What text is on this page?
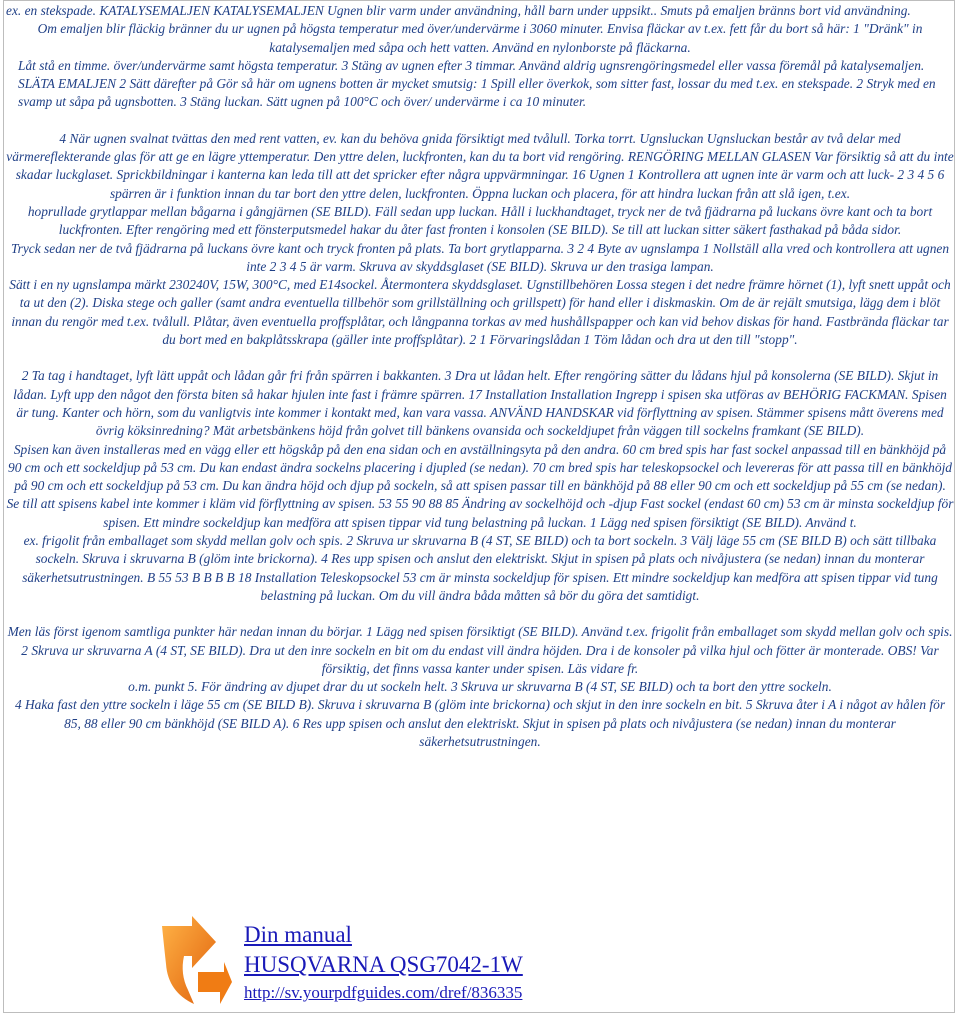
ex. en stekspade. KATALYSEMALJEN KATALYSEMALJEN Ugnen blir varm under användning, håll barn under uppsikt.. Smuts på emaljen bränns bort vid användning.

Om emaljen blir fläckig bränner du ur ugnen på högsta temperatur med över/undervärme i 3060 minuter. Envisa fläckar av t.ex. fett får du bort så här: 1 "Dränk" in katalysemaljen med såpa och hett vatten. Använd en nylonborste på fläckarna.

Låt stå en timme. över/undervärme samt högsta temperatur. 3 Stäng av ugnen efter 3 timmar. Använd aldrig ugnsrengöringsmedel eller vassa föremål på katalysemaljen. SLÄTA EMALJEN 2 Sätt därefter på Gör så här om ugnens botten är mycket smutsig: 1 Spill eller överkok, som sitter fast, lossar du med t.ex. en stekspade. 2 Stryk med en svamp ut såpa på ugnsbotten. 3 Stäng luckan. Sätt ugnen på 100°C och över/ undervärme i ca 10 minuter.

4 När ugnen svalnat tvättas den med rent vatten, ev. kan du behöva gnida försiktigt med tvålull. Torka torrt. Ugnsluckan Ugnsluckan består av två delar med värmereflekterande glas för att ge en lägre yttemperatur. Den yttre delen, luckfronten, kan du ta bort vid rengöring. RENGÖRING MELLAN GLASEN Var försiktig så att du inte skadar luckglaset. Sprickbildningar i kanterna kan leda till att det spricker efter några uppvärmningar. 16 Ugnen 1 Kontrollera att ugnen inte är varm och att luck- 2 3 4 5 6 spärren är i funktion innan du tar bort den yttre delen, luckfronten. Öppna luckan och placera, för att hindra luckan från att slå igen, t.ex.

hoprullade grytlappar mellan bågarna i gångjärnen (SE BILD). Fäll sedan upp luckan. Håll i luckhandtaget, tryck ner de två fjädrarna på luckans övre kant och ta bort luckfronten. Efter rengöring med ett fönsterputsmedel hakar du åter fast fronten i konsolen (SE BILD). Se till att luckan sitter säkert fasthakad på båda sidor.

Tryck sedan ner de två fjädrarna på luckans övre kant och tryck fronten på plats. Ta bort grytlapparna. 3 2 4 Byte av ugnslampa 1 Nollställ alla vred och kontrollera att ugnen inte 2 3 4 5 är varm. Skruva av skyddsglaset (SE BILD). Skruva ur den trasiga lampan.

Sätt i en ny ugnslampa märkt 230240V, 15W, 300°C, med E14sockel. Återmontera skyddsglaset. Ugnstillbehören Lossa stegen i det nedre främre hörnet (1), lyft snett uppåt och ta ut den (2). Diska stege och galler (samt andra eventuella tillbehör som grillställning och grillspett) för hand eller i diskmaskin. Om de är rejält smutsiga, lägg dem i blöt innan du rengör med t.ex. tvålull. Plåtar, även eventuella proffsplåtar, och långpanna torkas av med hushållspapper och kan vid behov diskas för hand. Fastbrända fläckar tar du bort med en bakplåtsskrapa (gäller inte proffsplåtar). 2 1 Förvaringslådan 1 Töm lådan och dra ut den till "stopp".

2 Ta tag i handtaget, lyft lätt uppåt och lådan går fri från spärren i bakkanten. 3 Dra ut lådan helt. Efter rengöring sätter du lådans hjul på konsolerna (SE BILD). Skjut in lådan. Lyft upp den något den första biten så hakar hjulen inte fast i främre spärren. 17 Installation Installation Ingrepp i spisen ska utföras av BEHÖRIG FACKMAN. Spisen är tung. Kanter och hörn, som du vanligtvis inte kommer i kontakt med, kan vara vassa. ANVÄND HANDSKAR vid förflyttning av spisen. Stämmer spisens mått överens med övrig köksinredning? Mät arbetsbänkens höjd från golvet till bänkens ovansida och sockeldjupet från väggen till sockelns framkant (SE BILD).

Spisen kan även installeras med en vägg eller ett högskåp på den ena sidan och en avställningsyta på den andra. 60 cm bred spis har fast sockel anpassad till en bänkhöjd på 90 cm och ett sockeldjup på 53 cm. Du kan endast ändra sockelns placering i djupled (se nedan). 70 cm bred spis har teleskopsockel och levereras för att passa till en bänkhöjd på 90 cm och ett sockeldjup på 53 cm. Du kan ändra höjd och djup på sockeln, så att spisen passar till en bänkhöjd på 88 eller 90 cm och ett sockeldjup på 55 cm (se nedan).

Se till att spisens kabel inte kommer i kläm vid förflyttning av spisen. 53 55 90 88 85 Ändring av sockelhöjd och -djup Fast sockel (endast 60 cm) 53 cm är minsta sockeldjup för spisen. Ett mindre sockeldjup kan medföra att spisen tippar vid tung belastning på luckan. 1 Lägg ned spisen försiktigt (SE BILD). Använd t.

ex. frigolit från emballaget som skydd mellan golv och spis. 2 Skruva ur skruvarna B (4 ST, SE BILD) och ta bort sockeln. 3 Välj läge 55 cm (SE BILD B) och sätt tillbaka sockeln. Skruva i skruvarna B (glöm inte brickorna). 4 Res upp spisen och anslut den elektriskt. Skjut in spisen på plats och nivåjustera (se nedan) innan du monterar säkerhetsutrustningen. B 55 53 B B B B 18 Installation Teleskopsockel 53 cm är minsta sockeldjup för spisen. Ett mindre sockeldjup kan medföra att spisen tippar vid tung belastning på luckan. Om du vill ändra båda måtten så bör du göra det samtidigt.

Men läs först igenom samtliga punkter här nedan innan du börjar. 1 Lägg ned spisen försiktigt (SE BILD). Använd t.ex. frigolit från emballaget som skydd mellan golv och spis. 2 Skruva ur skruvarna A (4 ST, SE BILD). Dra ut den inre sockeln en bit om du endast vill ändra höjden. Dra i de konsoler på vilka hjul och fötter är monterade. OBS! Var försiktig, det finns vassa kanter under spisen. Läs vidare fr.

o.m. punkt 5. För ändring av djupet drar du ut sockeln helt. 3 Skruva ur skruvarna B (4 ST, SE BILD) och ta bort den yttre sockeln.

4 Haka fast den yttre sockeln i läge 55 cm (SE BILD B). Skruva i skruvarna B (glöm inte brickorna) och skjut in den inre sockeln en bit. 5 Skruva åter i A i något av hålen för 85, 88 eller 90 cm bänkhöjd (SE BILD A). 6 Res upp spisen och anslut den elektriskt. Skjut in spisen på plats och nivåjustera (se nedan) innan du monterar säkerhetsutrustningen.

Din manual
HUSQVARNA QSG7042-1W
http://sv.yourpdfguides.com/dref/836335
